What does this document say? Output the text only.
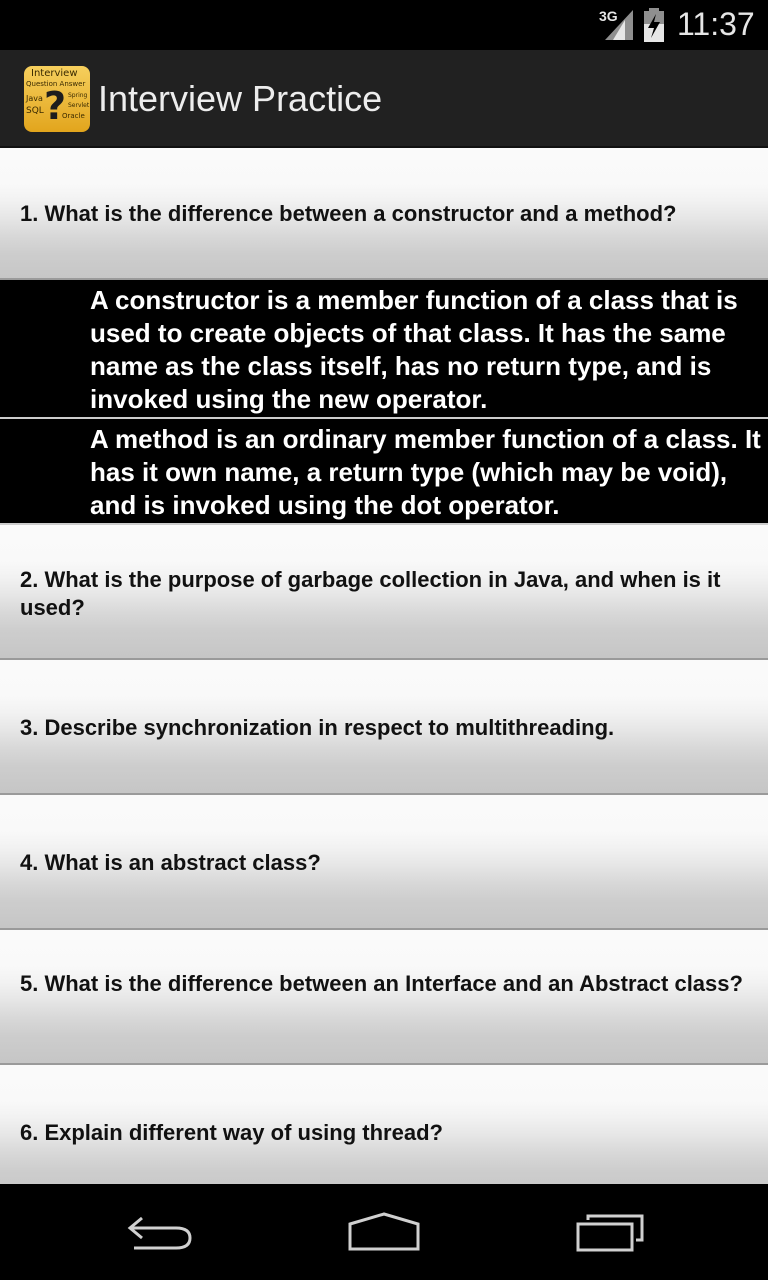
3G 11:37
Interview
Question Answer
Java
SQL ? Spring
Servlet
Oracle Interview Practice
1. What is the difference between a constructor and a method?
A constructor is a member function of a class that is used to create objects of that class. It has the same name as the class itself, has no return type, and is invoked using the new operator.
A method is an ordinary member function of a class. It has it own name, a return type (which may be void), and is invoked using the dot operator.
2. What is the purpose of garbage collection in Java, and when is it used?
3. Describe synchronization in respect to multithreading.
4. What is an abstract class?
5. What is the difference between an Interface and an Abstract class?
6. Explain different way of using thread?
